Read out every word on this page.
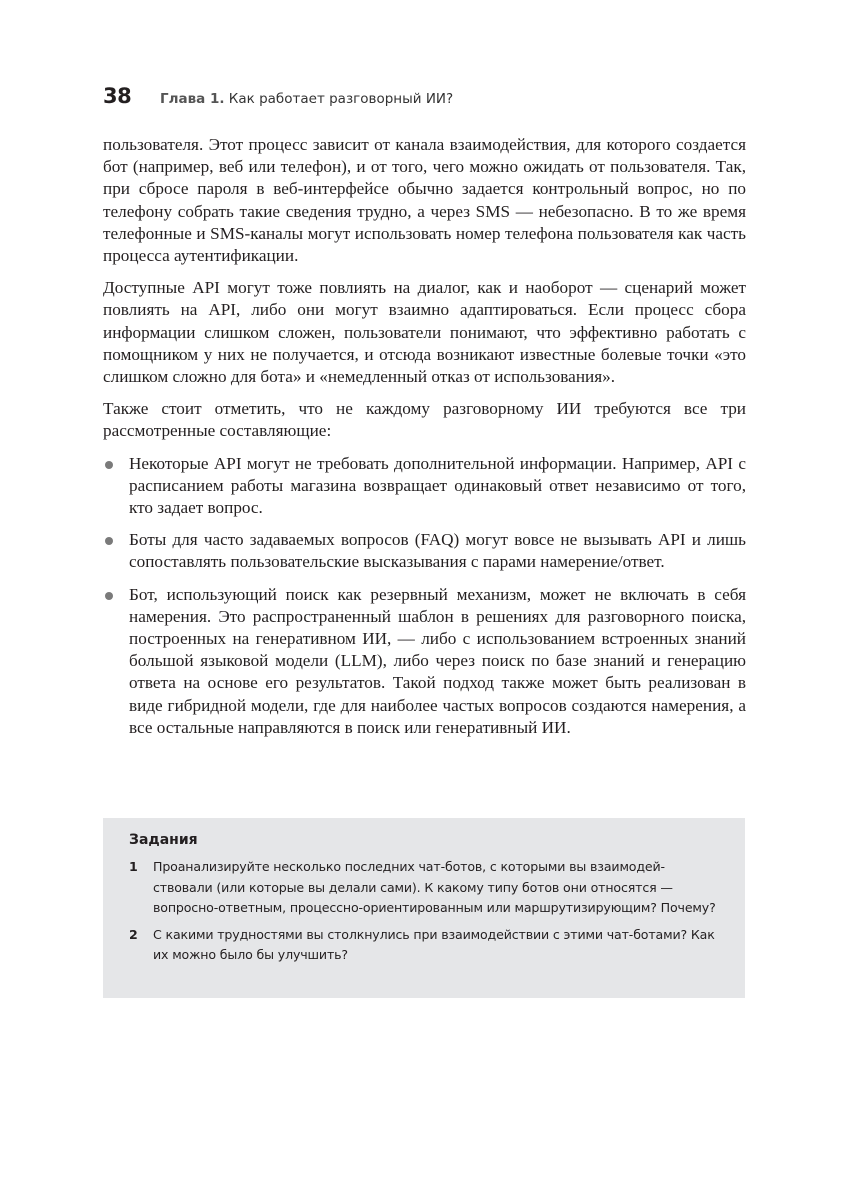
38	Глава 1. Как работает разговорный ИИ?

пользователя. Этот процесс зависит от канала взаимодействия, для которого создается бот (например, веб или телефон), и от того, чего можно ожидать от пользователя. Так, при сбросе пароля в веб-интерфейсе обычно задается контрольный вопрос, но по телефону собрать такие сведения трудно, а через SMS — небезопасно. В то же время телефонные и SMS-каналы могут использовать номер телефона пользователя как часть процесса аутентификации.

Доступные API могут тоже повлиять на диалог, как и наоборот — сценарий может повлиять на API, либо они могут взаимно адаптироваться. Если процесс сбора информации слишком сложен, пользователи понимают, что эффективно работать с помощником у них не получается, и отсюда возникают известные болевые точки «это слишком сложно для бота» и «немедленный отказ от использования».

Также стоит отметить, что не каждому разговорному ИИ требуются все три рассмотренные составляющие:

Некоторые API могут не требовать дополнительной информации. Например, API с расписанием работы магазина возвращает одинаковый ответ независимо от того, кто задает вопрос.
Боты для часто задаваемых вопросов (FAQ) могут вовсе не вызывать API и лишь сопоставлять пользовательские высказывания с парами намерение/ответ.
Бот, использующий поиск как резервный механизм, может не включать в себя намерения. Это распространенный шаблон в решениях для разговорного поиска, построенных на генеративном ИИ, — либо с использованием встроенных знаний большой языковой модели (LLM), либо через поиск по базе знаний и генерацию ответа на основе его результатов. Такой подход также может быть реализован в виде гибридной модели, где для наиболее частых вопросов создаются намерения, а все остальные направляются в поиск или генеративный ИИ.
Задания
1	Проанализируйте несколько последних чат-ботов, с которыми вы взаимодействовали (или которые вы делали сами). К какому типу ботов они относятся — вопросно-ответным, процессно-ориентированным или маршрутизирующим? Почему?
2	С какими трудностями вы столкнулись при взаимодействии с этими чат-ботами? Как их можно было бы улучшить?
